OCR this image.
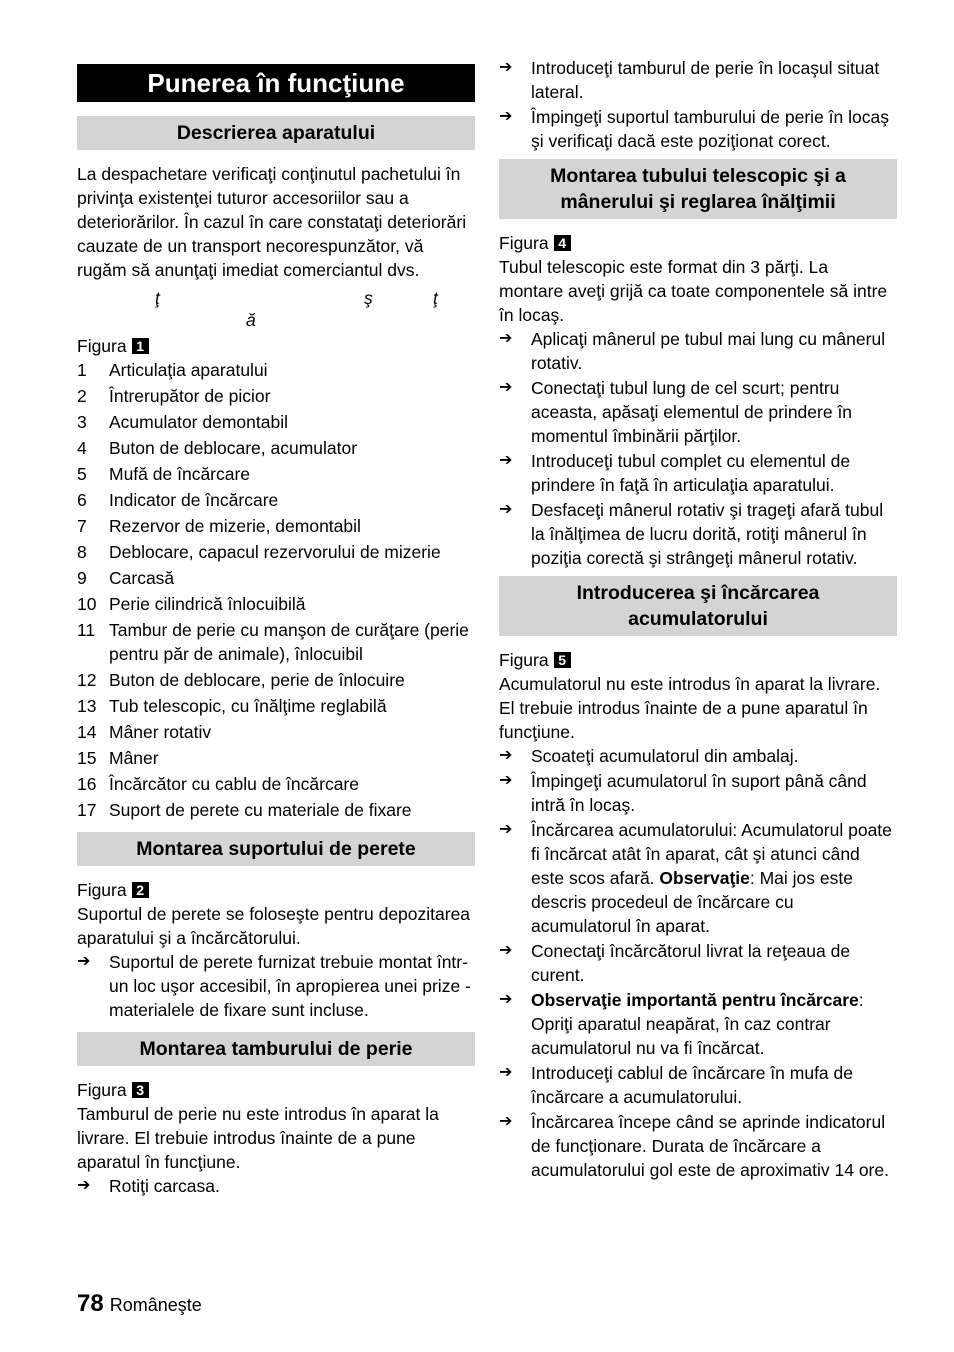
Punerea în funcţiune
Descrierea aparatului

La despachetare verificaţi conţinutul pachetului în privinţa existenţei tuturor accesoriilor sau a deteriorărilor. În cazul în care constataţi deteriorări cauzate de un transport necorespunzător, vă rugăm să anunţaţi imediat comerciantul dvs.

ţ	ş	ţ
ă

Figura 1

1	Articulaţia aparatului
2	Întrerupător de picior
3	Acumulator demontabil
4	Buton de deblocare, acumulator
5	Mufă de încărcare
6	Indicator de încărcare
7	Rezervor de mizerie, demontabil
8	Deblocare, capacul rezervorului de mizerie
9	Carcasă
10 Perie cilindrică înlocuibilă
11 Tambur de perie cu manşon de curăţare (perie pentru păr de animale), înlocuibil
12 Buton de deblocare, perie de înlocuire
13 Tub telescopic, cu înălţime reglabilă
14 Mâner rotativ
15 Mâner
16 Încărcător cu cablu de încărcare
17 Suport de perete cu materiale de fixare
Montarea suportului de perete

Figura 2

Suportul de perete se foloseşte pentru depozitarea aparatului şi a încărcătorului.

➔	Suportul de perete furnizat trebuie montat într-un loc uşor accesibil, în apropierea unei prize - materialele de fixare sunt incluse.
Montarea tamburului de perie

Figura 3

Tamburul de perie nu este introdus în aparat la livrare. El trebuie introdus înainte de a pune aparatul în funcţiune.

➔	Rotiţi carcasa.
➔	Introduceţi tamburul de perie în locaşul situat lateral.
➔	Împingeţi suportul tamburului de perie în locaş şi verificaţi dacă este poziţionat corect.
Montarea tubului telescopic şi a mânerului şi reglarea înălţimii

Figura 4

Tubul telescopic este format din 3 părţi. La montare aveţi grijă ca toate componentele să intre în locaş.

➔	Aplicaţi mânerul pe tubul mai lung cu mânerul rotativ.
➔	Conectaţi tubul lung de cel scurt; pentru aceasta, apăsaţi elementul de prindere în momentul îmbinării părţilor.
➔	Introduceţi tubul complet cu elementul de prindere în faţă în articulaţia aparatului.
➔	Desfaceţi mânerul rotativ şi trageţi afară tubul la înălţimea de lucru dorită, rotiţi mânerul în poziţia corectă şi strângeţi mânerul rotativ.
Introducerea şi încărcarea acumulatorului

Figura 5

Acumulatorul nu este introdus în aparat la livrare. El trebuie introdus înainte de a pune aparatul în funcţiune.

➔	Scoateţi acumulatorul din ambalaj.
➔	Împingeţi acumulatorul în suport până când intră în locaş.
➔	Încărcarea acumulatorului: Acumulatorul poate fi încărcat atât în aparat, cât şi atunci când este scos afară. Observaţie: Mai jos este descris procedeul de încărcare cu acumulatorul în aparat.
➔	Conectaţi încărcătorul livrat la reţeaua de curent.
➔	Observaţie importantă pentru încărcare: Opriţi aparatul neapărat, în caz contrar acumulatorul nu va fi încărcat.
➔	Introduceţi cablul de încărcare în mufa de încărcare a acumulatorului.
➔	Încărcarea începe când se aprinde indicatorul de funcţionare. Durata de încărcare a acumulatorului gol este de aproximativ 14 ore.
78 Româneşte
